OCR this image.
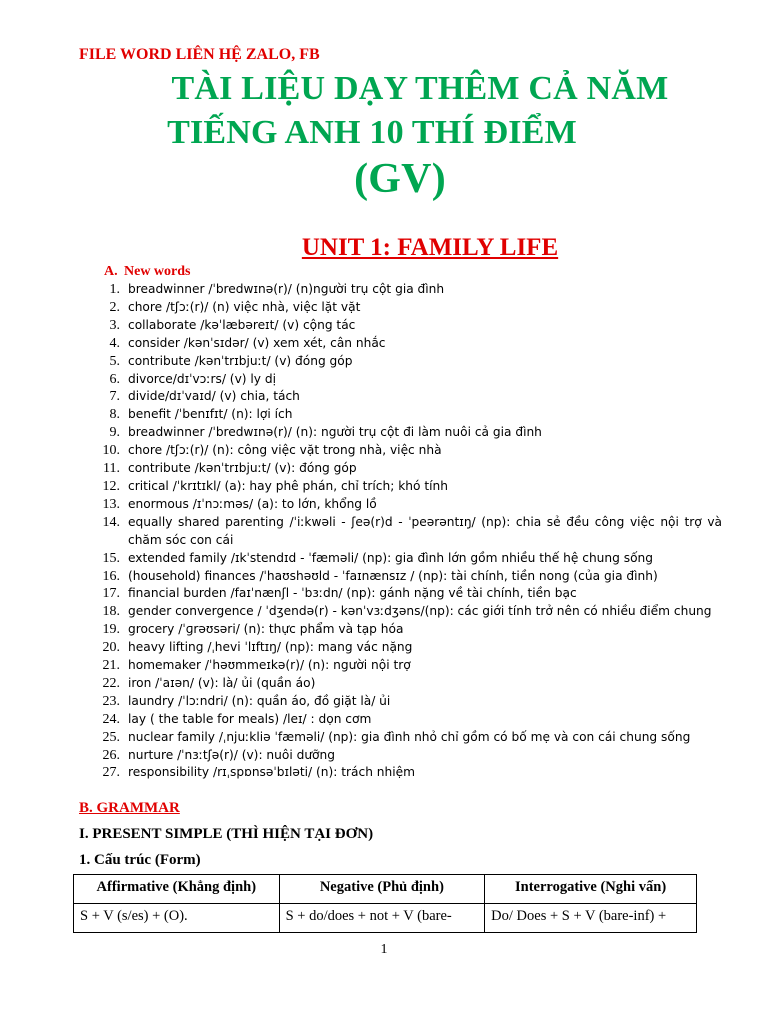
FILE WORD LIÊN HỆ ZALO, FB
TÀI LIỆU DẠY THÊM CẢ NĂM
TIẾNG ANH 10 THÍ ĐIỂM
(GV)
UNIT 1: FAMILY LIFE
A. New words
1. breadwinner /ˈbredwɪnə(r)/ (n)người trụ cột gia đình
2. chore /tʃɔː(r)/ (n) việc nhà, việc lặt vặt
3. collaborate /kəˈlæbəreɪt/ (v) cộng tác
4. consider /kənˈsɪdər/ (v) xem xét, cân nhắc
5. contribute /kənˈtrɪbjuːt/ (v) đóng góp
6. divorce/dɪˈvɔːrs/ (v) ly dị
7. divide/dɪˈvaɪd/ (v) chia, tách
8. benefit /ˈbenɪfɪt/ (n): lợi ích
9. breadwinner /ˈbredwɪnə(r)/ (n): người trụ cột đi làm nuôi cả gia đình
10. chore /tʃɔː(r)/ (n): công việc vặt trong nhà, việc nhà
11. contribute /kənˈtrɪbjuːt/ (v): đóng góp
12. critical /ˈkrɪtɪkl/ (a): hay phê phán, chỉ trích; khó tính
13. enormous /ɪˈnɔːməs/ (a): to lớn, khổng lồ
14. equally shared parenting /ˈiːkwəli - ʃeə(r)d - ˈpeərəntɪŋ/ (np): chia sẻ đều công việc nội trợ và chăm sóc con cái
15. extended family /ɪkˈstendɪd - ˈfæməli/ (np): gia đình lớn gồm nhiều thế hệ chung sống
16. (household) finances /ˈhaʊshəʊld - ˈfaɪnænsɪz / (np): tài chính, tiền nong (của gia đình)
17. financial burden /faɪˈnænʃl - ˈbɜːdn/ (np): gánh nặng về tài chính, tiền bạc
18. gender convergence / ˈdʒendə(r) - kənˈvɜːdʒəns/(np): các giới tính trở nên có nhiều điểm chung
19. grocery /ˈɡrəʊsəri/ (n): thực phẩm và tạp hóa
20. heavy lifting /ˌhevi ˈlɪftɪŋ/ (np): mang vác nặng
21. homemaker /ˈhəʊmmeɪkə(r)/ (n): người nội trợ
22. iron /ˈaɪən/ (v): là/ ủi (quần áo)
23. laundry /ˈlɔːndri/ (n): quần áo, đồ giặt là/ ủi
24. lay ( the table for meals) /leɪ/ : dọn cơm
25. nuclear family /ˌnjuːkliə ˈfæməli/ (np): gia đình nhỏ chỉ gồm có bố mẹ và con cái chung sống
26. nurture /ˈnɜːtʃə(r)/ (v): nuôi dưỡng
27. responsibility /rɪˌspɒnsəˈbɪləti/ (n): trách nhiệm
B. GRAMMAR
I. PRESENT SIMPLE (THÌ HIỆN TẠI ĐƠN)
1. Cấu trúc (Form)
Affirmative (Khẳng định)	Negative (Phủ định)	Interrogative (Nghi vấn)
S + V (s/es) + (O).	S + do/does + not + V (bare-	Do/ Does + S + V (bare-inf) +
1
